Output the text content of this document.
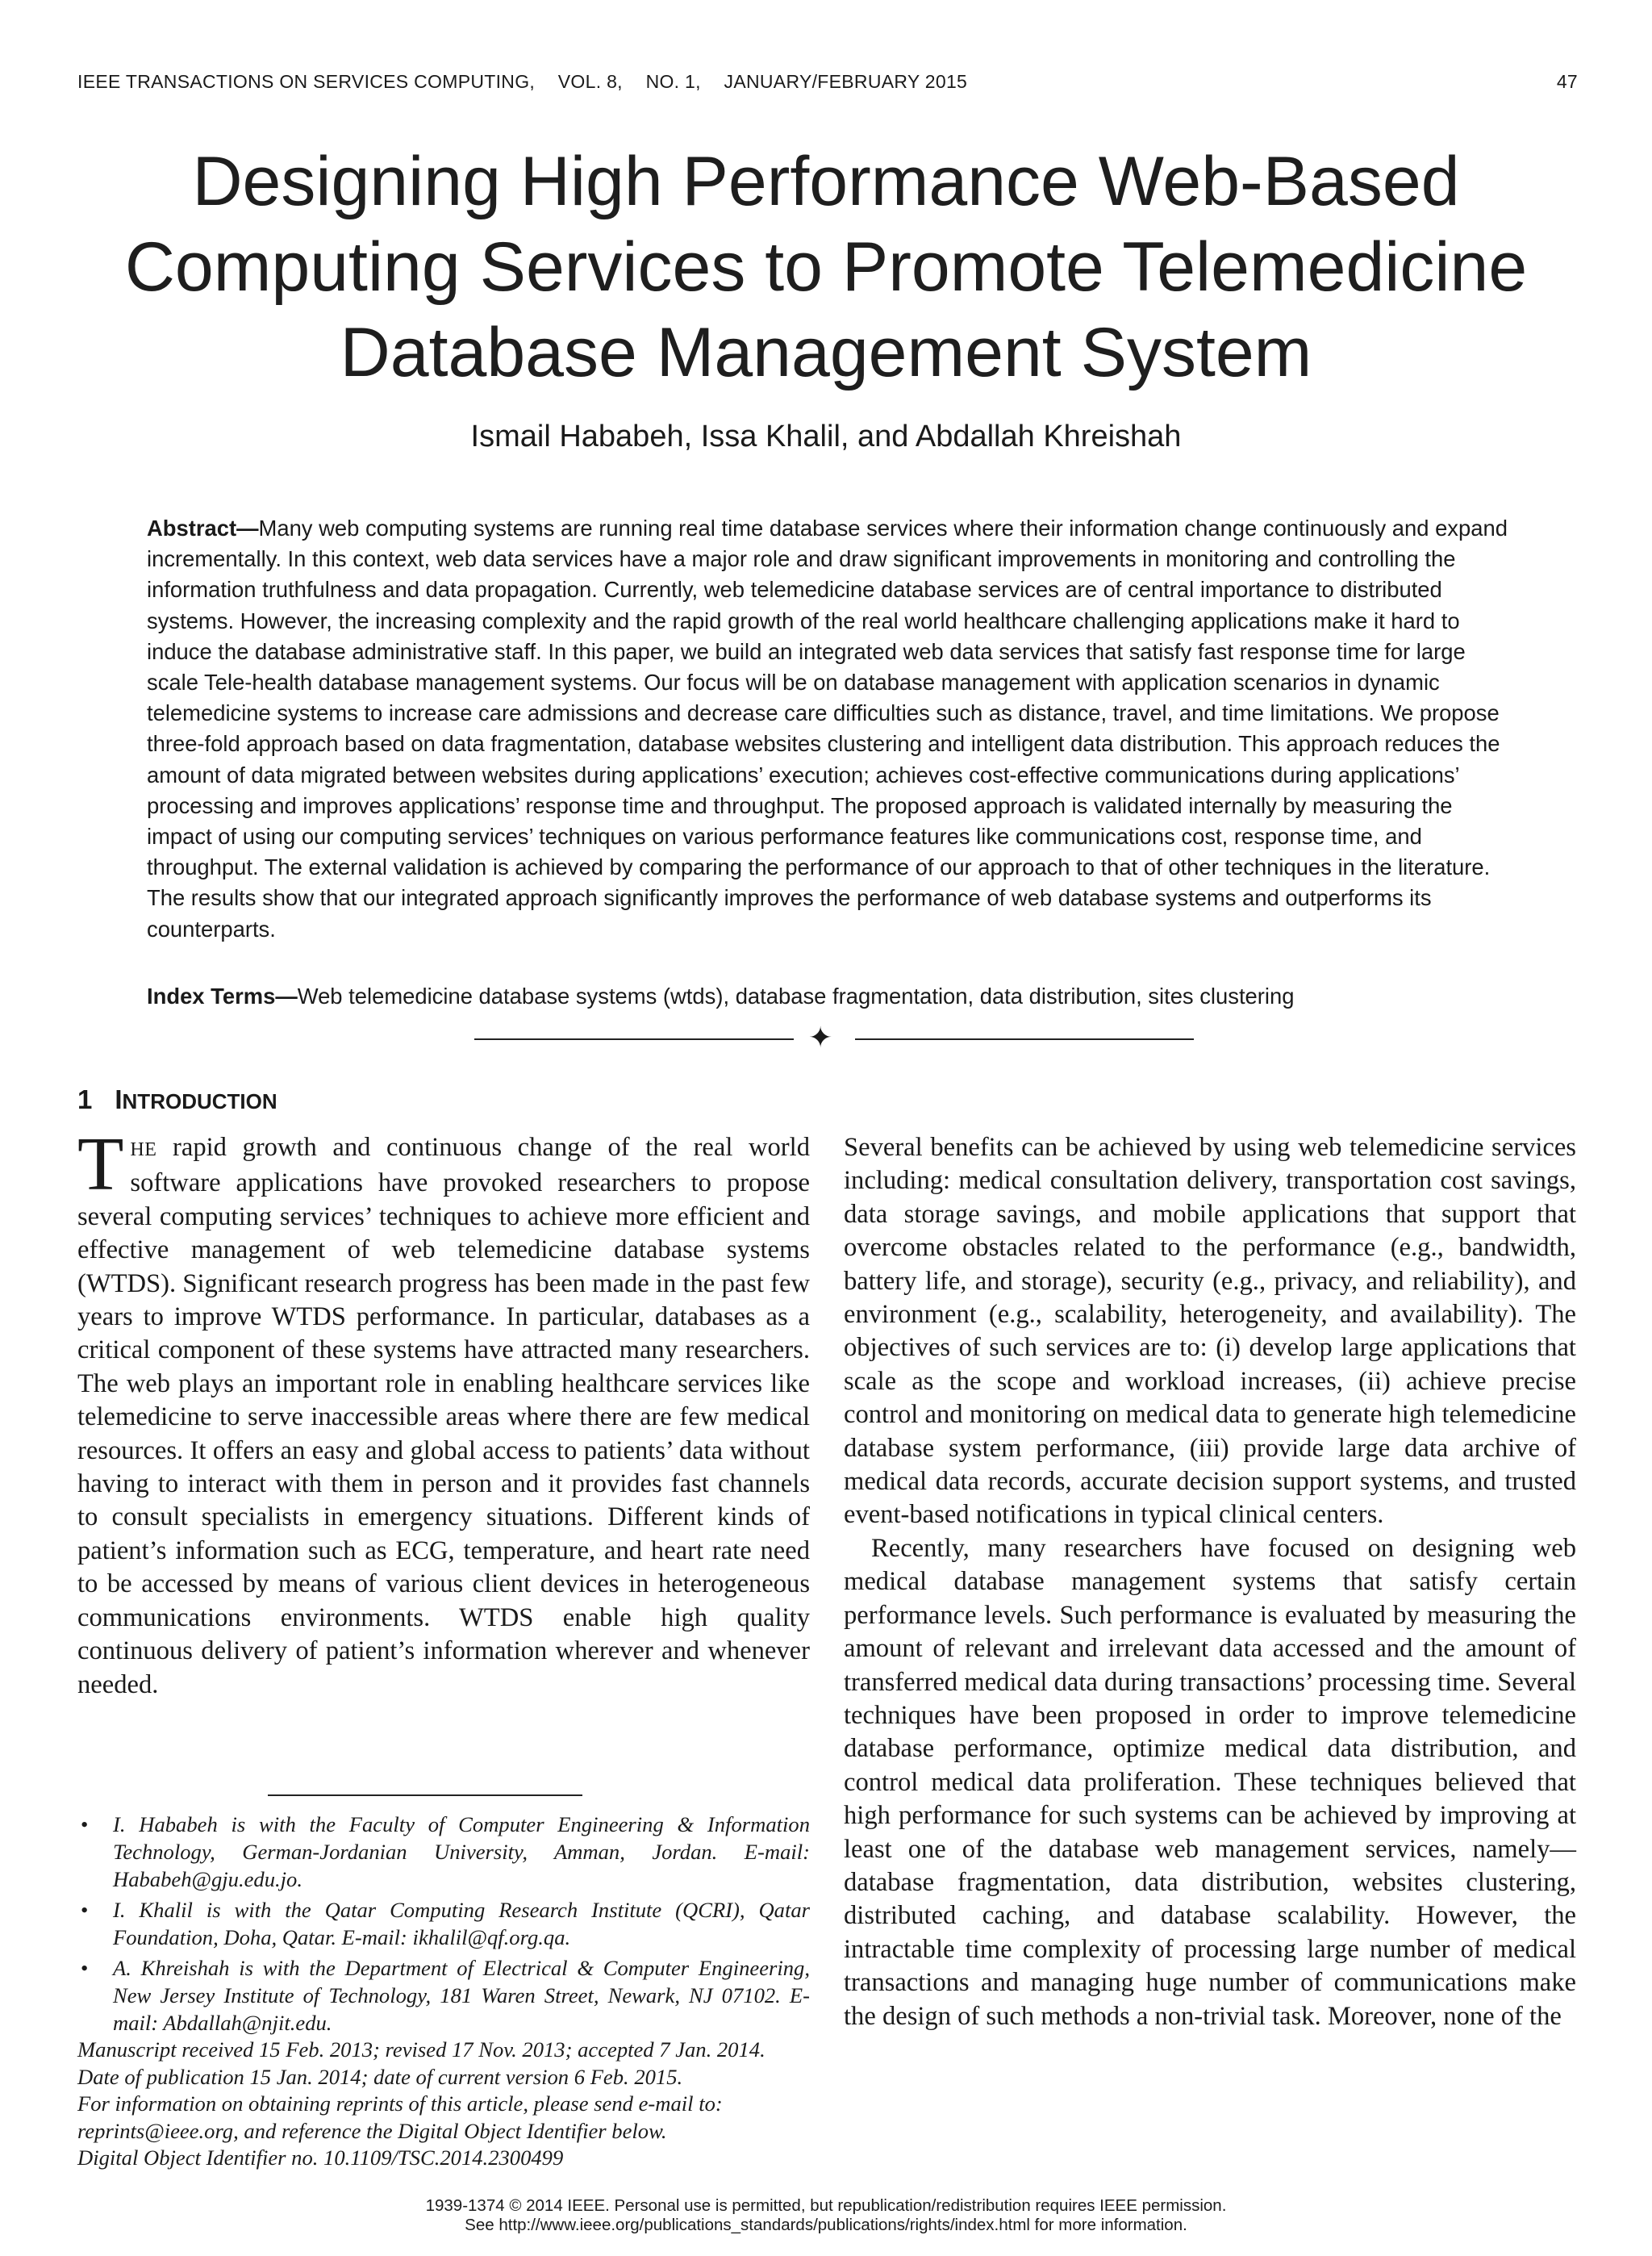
IEEE TRANSACTIONS ON SERVICES COMPUTING, VOL. 8, NO. 1, JANUARY/FEBRUARY 2015	47
Designing High Performance Web-Based
Computing Services to Promote Telemedicine
Database Management System
Ismail Hababeh, Issa Khalil, and Abdallah Khreishah
Abstract—Many web computing systems are running real time database services where their information change continuously and expand incrementally. In this context, web data services have a major role and draw significant improvements in monitoring and controlling the information truthfulness and data propagation. Currently, web telemedicine database services are of central importance to distributed systems. However, the increasing complexity and the rapid growth of the real world healthcare challenging applications make it hard to induce the database administrative staff. In this paper, we build an integrated web data services that satisfy fast response time for large scale Tele-health database management systems. Our focus will be on database management with application scenarios in dynamic telemedicine systems to increase care admissions and decrease care difficulties such as distance, travel, and time limitations. We propose three-fold approach based on data fragmentation, database websites clustering and intelligent data distribution. This approach reduces the amount of data migrated between websites during applications’ execution; achieves cost-effective communications during applications’ processing and improves applications’ response time and throughput. The proposed approach is validated internally by measuring the impact of using our computing services’ techniques on various performance features like communications cost, response time, and throughput. The external validation is achieved by comparing the performance of our approach to that of other techniques in the literature. The results show that our integrated approach significantly improves the performance of web database systems and outperforms its counterparts.
Index Terms—Web telemedicine database systems (wtds), database fragmentation, data distribution, sites clustering
✦
1 INTRODUCTION

THE rapid growth and continuous change of the real world software applications have provoked researchers to propose several computing services’ techniques to achieve more efficient and effective management of web telemedicine database systems (WTDS). Significant research progress has been made in the past few years to improve WTDS performance. In particular, databases as a critical component of these systems have attracted many researchers. The web plays an important role in enabling healthcare services like telemedicine to serve inaccessible areas where there are few medical resources. It offers an easy and global access to patients’ data without having to interact with them in person and it provides fast channels to consult specialists in emergency situations. Different kinds of patient’s information such as ECG, temperature, and heart rate need to be accessed by means of various client devices in heterogeneous communications environments. WTDS enable high quality continuous delivery of patient’s information wherever and whenever needed.

Several benefits can be achieved by using web telemedicine services including: medical consultation delivery, transportation cost savings, data storage savings, and mobile applications that support that overcome obstacles related to the performance (e.g., bandwidth, battery life, and storage), security (e.g., privacy, and reliability), and environment (e.g., scalability, heterogeneity, and availability). The objectives of such services are to: (i) develop large applications that scale as the scope and workload increases, (ii) achieve precise control and monitoring on medical data to generate high telemedicine database system performance, (iii) provide large data archive of medical data records, accurate decision support systems, and trusted event-based notifications in typical clinical centers.

Recently, many researchers have focused on designing web medical database management systems that satisfy certain performance levels. Such performance is evaluated by measuring the amount of relevant and irrelevant data accessed and the amount of transferred medical data during transactions’ processing time. Several techniques have been proposed in order to improve telemedicine database performance, optimize medical data distribution, and control medical data proliferation. These techniques believed that high performance for such systems can be achieved by improving at least one of the database web management services, namely—database fragmentation, data distribution, websites clustering, distributed caching, and database scalability. However, the intractable time complexity of processing large number of medical transactions and managing huge number of communications make the design of such methods a non-trivial task. Moreover, none of the

• I. Hababeh is with the Faculty of Computer Engineering & Information Technology, German-Jordanian University, Amman, Jordan. E-mail: Hababeh@gju.edu.jo.
• I. Khalil is with the Qatar Computing Research Institute (QCRI), Qatar Foundation, Doha, Qatar. E-mail: ikhalil@qf.org.qa.
• A. Khreishah is with the Department of Electrical & Computer Engineering, New Jersey Institute of Technology, 181 Waren Street, Newark, NJ 07102. E-mail: Abdallah@njit.edu.
Manuscript received 15 Feb. 2013; revised 17 Nov. 2013; accepted 7 Jan. 2014.
Date of publication 15 Jan. 2014; date of current version 6 Feb. 2015.
For information on obtaining reprints of this article, please send e-mail to:
reprints@ieee.org, and reference the Digital Object Identifier below.
Digital Object Identifier no. 10.1109/TSC.2014.2300499
1939-1374 © 2014 IEEE. Personal use is permitted, but republication/redistribution requires IEEE permission.
See http://www.ieee.org/publications_standards/publications/rights/index.html for more information.
